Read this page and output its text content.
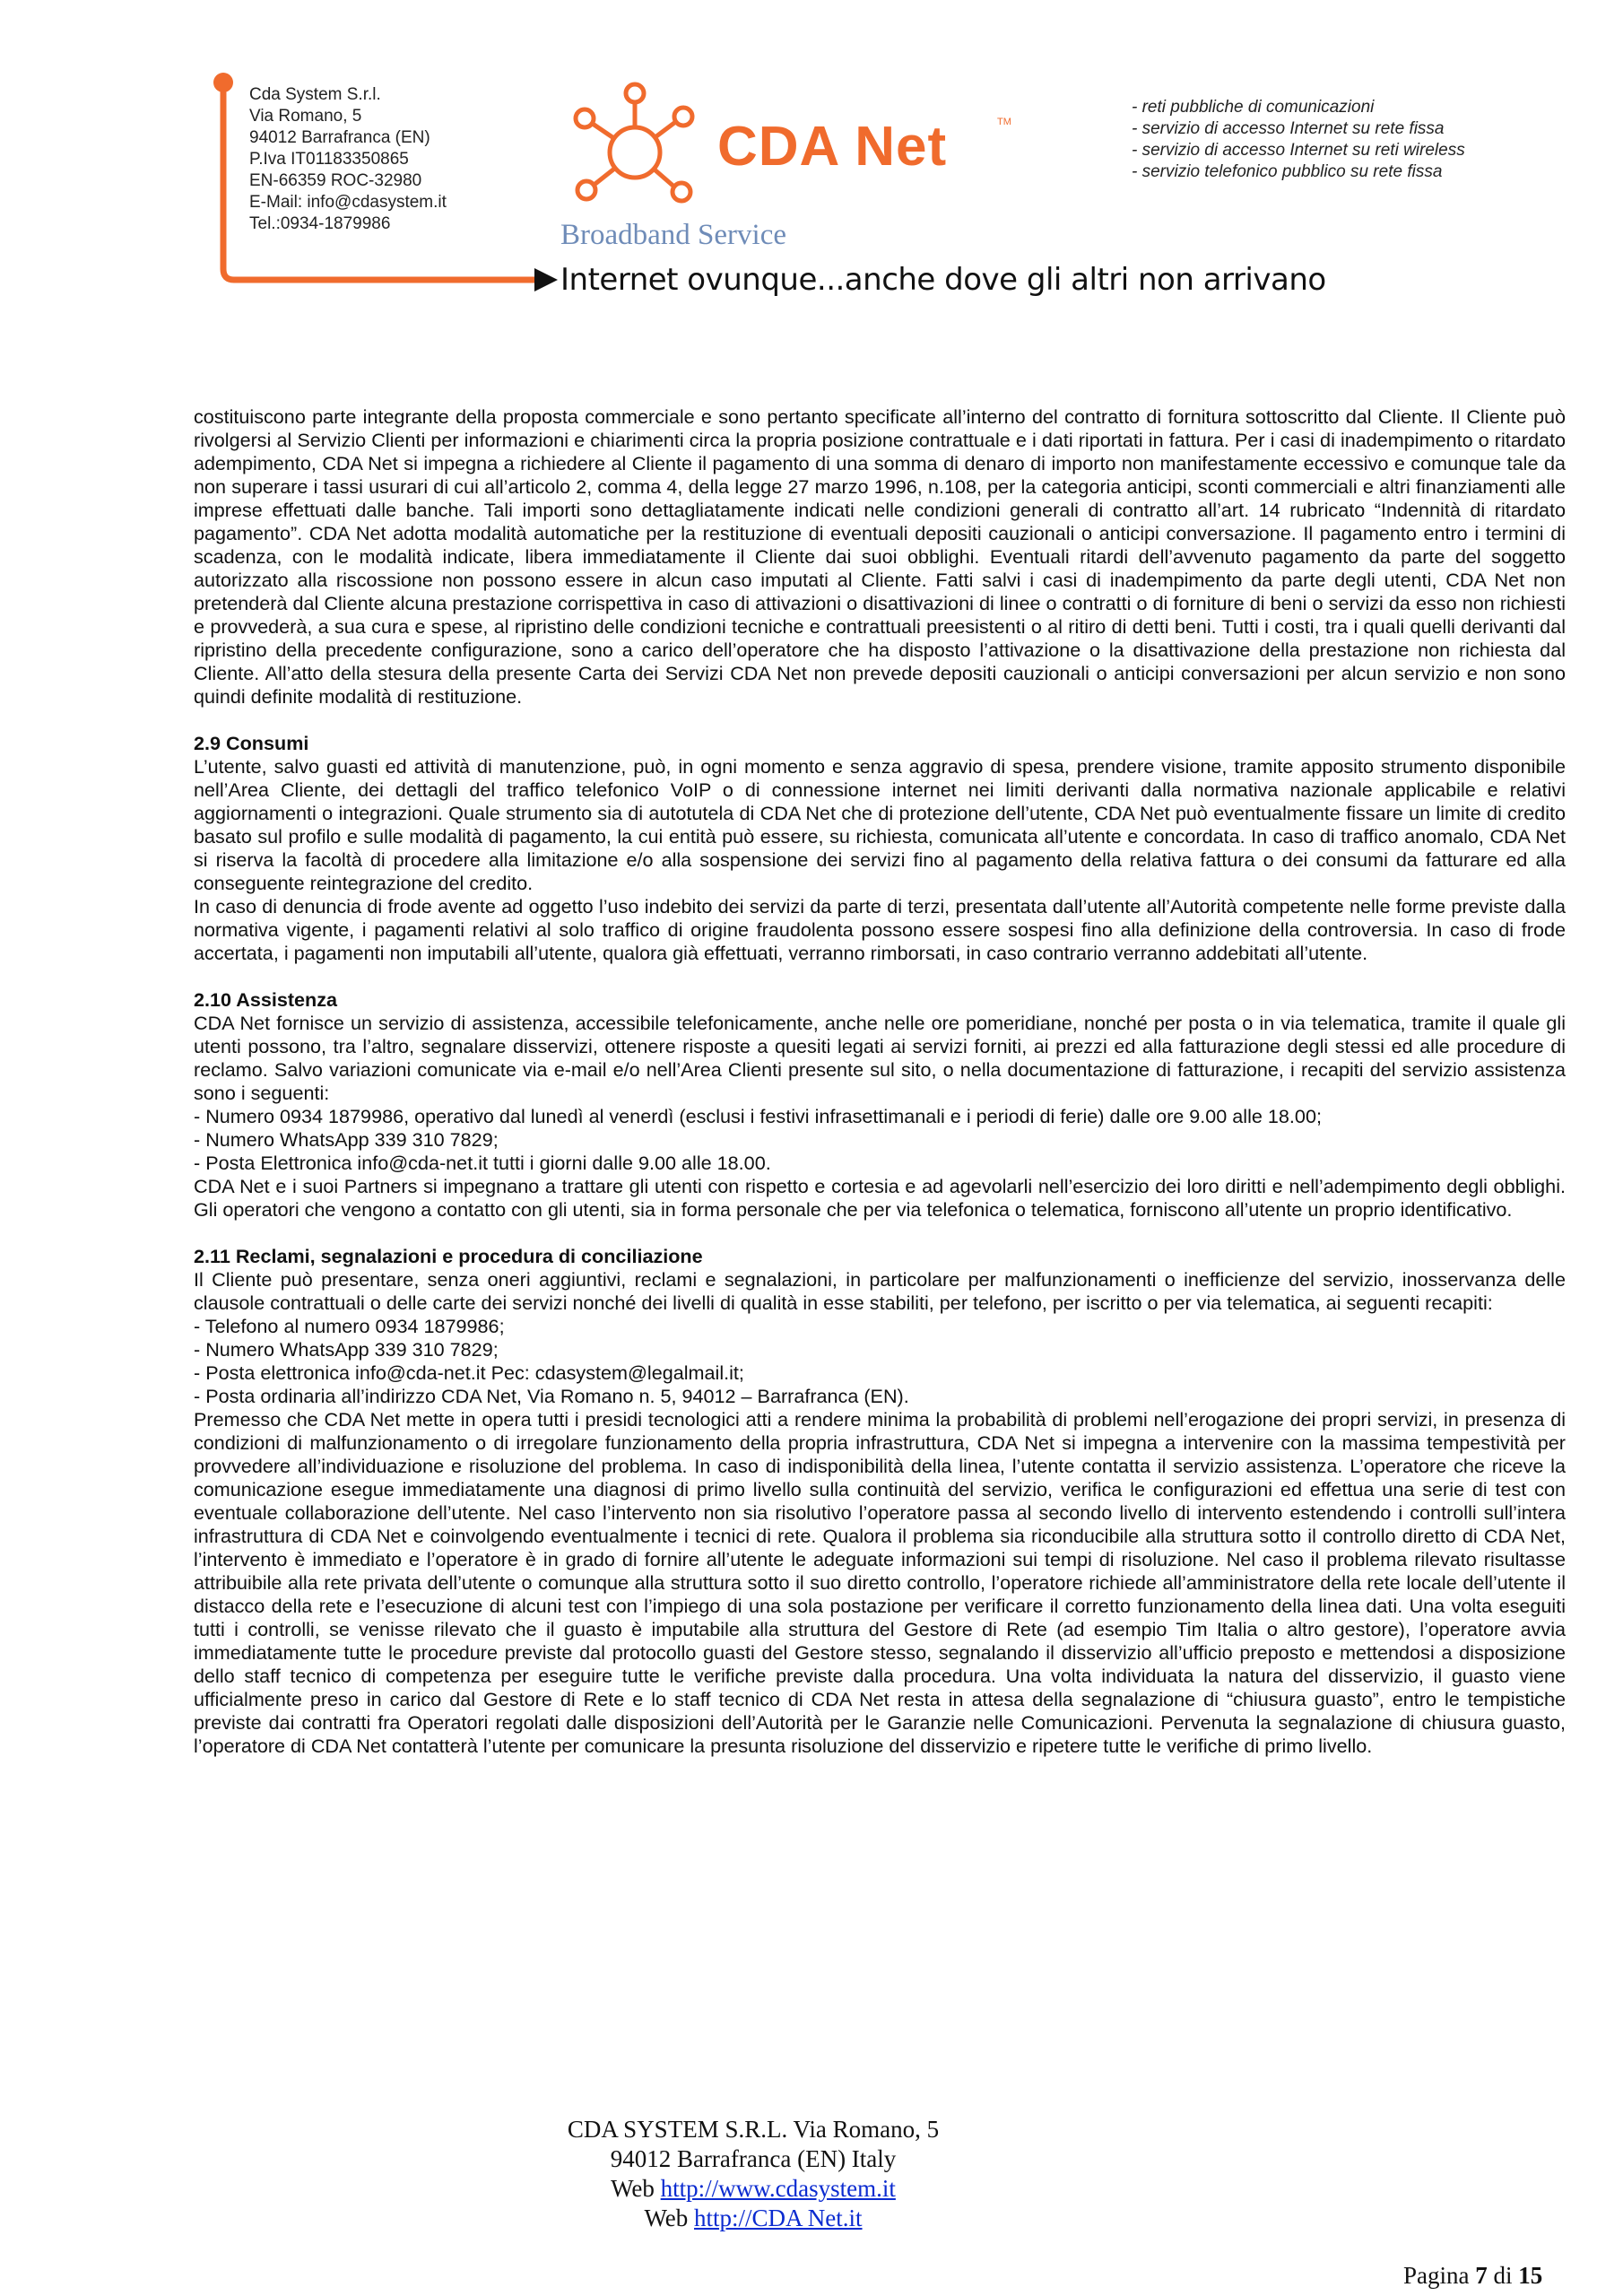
Cda System S.r.l.
Via Romano, 5
94012 Barrafranca (EN)
P.Iva IT01183350865
EN-66359 ROC-32980
E-Mail: info@cdasystem.it
Tel.:0934-1879986
CDA Net	TM
Broadband Service
Internet ovunque...anche dove gli altri non arrivano
- reti pubbliche di comunicazioni
- servizio di accesso Internet su rete fissa
- servizio di accesso Internet su reti wireless
- servizio telefonico pubblico su rete fissa

costituiscono parte integrante della proposta commerciale e sono pertanto specificate all’interno del contratto di fornitura sottoscritto dal Cliente. Il Cliente può rivolgersi al Servizio Clienti per informazioni e chiarimenti circa la propria posizione contrattuale e i dati riportati in fattura. Per i casi di inadempimento o ritardato adempimento, CDA Net si impegna a richiedere al Cliente il pagamento di una somma di denaro di importo non manifestamente eccessivo e comunque tale da non superare i tassi usurari di cui all’articolo 2, comma 4, della legge 27 marzo 1996, n.108, per la categoria anticipi, sconti commerciali e altri finanziamenti alle imprese effettuati dalle banche. Tali importi sono dettagliatamente indicati nelle condizioni generali di contratto all’art. 14 rubricato “Indennità di ritardato pagamento”. CDA Net adotta modalità automatiche per la restituzione di eventuali depositi cauzionali o anticipi conversazione. Il pagamento entro i termini di scadenza, con le modalità indicate, libera immediatamente il Cliente dai suoi obblighi. Eventuali ritardi dell’avvenuto pagamento da parte del soggetto autorizzato alla riscossione non possono essere in alcun caso imputati al Cliente. Fatti salvi i casi di inadempimento da parte degli utenti, CDA Net non pretenderà dal Cliente alcuna prestazione corrispettiva in caso di attivazioni o disattivazioni di linee o contratti o di forniture di beni o servizi da esso non richiesti e provvederà, a sua cura e spese, al ripristino delle condizioni tecniche e contrattuali preesistenti o al ritiro di detti beni. Tutti i costi, tra i quali quelli derivanti dal ripristino della precedente configurazione, sono a carico dell’operatore che ha disposto l’attivazione o la disattivazione della prestazione non richiesta dal Cliente. All’atto della stesura della presente Carta dei Servizi CDA Net non prevede depositi cauzionali o anticipi conversazioni per alcun servizio e non sono quindi definite modalità di restituzione.

2.9 Consumi

L’utente, salvo guasti ed attività di manutenzione, può, in ogni momento e senza aggravio di spesa, prendere visione, tramite apposito strumento disponibile nell’Area Cliente, dei dettagli del traffico telefonico VoIP o di connessione internet nei limiti derivanti dalla normativa nazionale applicabile e relativi aggiornamenti o integrazioni. Quale strumento sia di autotutela di CDA Net che di protezione dell’utente, CDA Net può eventualmente fissare un limite di credito basato sul profilo e sulle modalità di pagamento, la cui entità può essere, su richiesta, comunicata all’utente e concordata. In caso di traffico anomalo, CDA Net si riserva la facoltà di procedere alla limitazione e/o alla sospensione dei servizi fino al pagamento della relativa fattura o dei consumi da fatturare ed alla conseguente reintegrazione del credito.

In caso di denuncia di frode avente ad oggetto l’uso indebito dei servizi da parte di terzi, presentata dall’utente all’Autorità competente nelle forme previste dalla normativa vigente, i pagamenti relativi al solo traffico di origine fraudolenta possono essere sospesi fino alla definizione della controversia. In caso di frode accertata, i pagamenti non imputabili all’utente, qualora già effettuati, verranno rimborsati, in caso contrario verranno addebitati all’utente.

2.10 Assistenza

CDA Net fornisce un servizio di assistenza, accessibile telefonicamente, anche nelle ore pomeridiane, nonché per posta o in via telematica, tramite il quale gli utenti possono, tra l’altro, segnalare disservizi, ottenere risposte a quesiti legati ai servizi forniti, ai prezzi ed alla fatturazione degli stessi ed alle procedure di reclamo. Salvo variazioni comunicate via e-mail e/o nell’Area Clienti presente sul sito, o nella documentazione di fatturazione, i recapiti del servizio assistenza sono i seguenti:

- Numero 0934 1879986, operativo dal lunedì al venerdì (esclusi i festivi infrasettimanali e i periodi di ferie) dalle ore 9.00 alle 18.00;

- Numero WhatsApp 339 310 7829;

- Posta Elettronica info@cda-net.it tutti i giorni dalle 9.00 alle 18.00.

CDA Net e i suoi Partners si impegnano a trattare gli utenti con rispetto e cortesia e ad agevolarli nell’esercizio dei loro diritti e nell’adempimento degli obblighi. Gli operatori che vengono a contatto con gli utenti, sia in forma personale che per via telefonica o telematica, forniscono all’utente un proprio identificativo.

2.11 Reclami, segnalazioni e procedura di conciliazione

Il Cliente può presentare, senza oneri aggiuntivi, reclami e segnalazioni, in particolare per malfunzionamenti o inefficienze del servizio, inosservanza delle clausole contrattuali o delle carte dei servizi nonché dei livelli di qualità in esse stabiliti, per telefono, per iscritto o per via telematica, ai seguenti recapiti:

- Telefono al numero 0934 1879986;

- Numero WhatsApp 339 310 7829;

- Posta elettronica info@cda-net.it Pec: cdasystem@legalmail.it;

- Posta ordinaria all’indirizzo CDA Net, Via Romano n. 5, 94012 – Barrafranca (EN).

Premesso che CDA Net mette in opera tutti i presidi tecnologici atti a rendere minima la probabilità di problemi nell’erogazione dei propri servizi, in presenza di condizioni di malfunzionamento o di irregolare funzionamento della propria infrastruttura, CDA Net si impegna a intervenire con la massima tempestività per provvedere all’individuazione e risoluzione del problema. In caso di indisponibilità della linea, l’utente contatta il servizio assistenza. L’operatore che riceve la comunicazione esegue immediatamente una diagnosi di primo livello sulla continuità del servizio, verifica le configurazioni ed effettua una serie di test con eventuale collaborazione dell’utente. Nel caso l’intervento non sia risolutivo l’operatore passa al secondo livello di intervento estendendo i controlli sull’intera infrastruttura di CDA Net e coinvolgendo eventualmente i tecnici di rete. Qualora il problema sia riconducibile alla struttura sotto il controllo diretto di CDA Net, l’intervento è immediato e l’operatore è in grado di fornire all’utente le adeguate informazioni sui tempi di risoluzione. Nel caso il problema rilevato risultasse attribuibile alla rete privata dell’utente o comunque alla struttura sotto il suo diretto controllo, l’operatore richiede all’amministratore della rete locale dell’utente il distacco della rete e l’esecuzione di alcuni test con l’impiego di una sola postazione per verificare il corretto funzionamento della linea dati. Una volta eseguiti tutti i controlli, se venisse rilevato che il guasto è imputabile alla struttura del Gestore di Rete (ad esempio Tim Italia o altro gestore), l’operatore avvia immediatamente tutte le procedure previste dal protocollo guasti del Gestore stesso, segnalando il disservizio all’ufficio preposto e mettendosi a disposizione dello staff tecnico di competenza per eseguire tutte le verifiche previste dalla procedura. Una volta individuata la natura del disservizio, il guasto viene ufficialmente preso in carico dal Gestore di Rete e lo staff tecnico di CDA Net resta in attesa della segnalazione di “chiusura guasto”, entro le tempistiche previste dai contratti fra Operatori regolati dalle disposizioni dell’Autorità per le Garanzie nelle Comunicazioni. Pervenuta la segnalazione di chiusura guasto, l’operatore di CDA Net contatterà l’utente per comunicare la presunta risoluzione del disservizio e ripetere tutte le verifiche di primo livello.

CDA SYSTEM S.R.L. Via Romano, 5
94012 Barrafranca (EN) Italy
Web http://www.cdasystem.it
Web http://CDA Net.it
Pagina 7 di 15
